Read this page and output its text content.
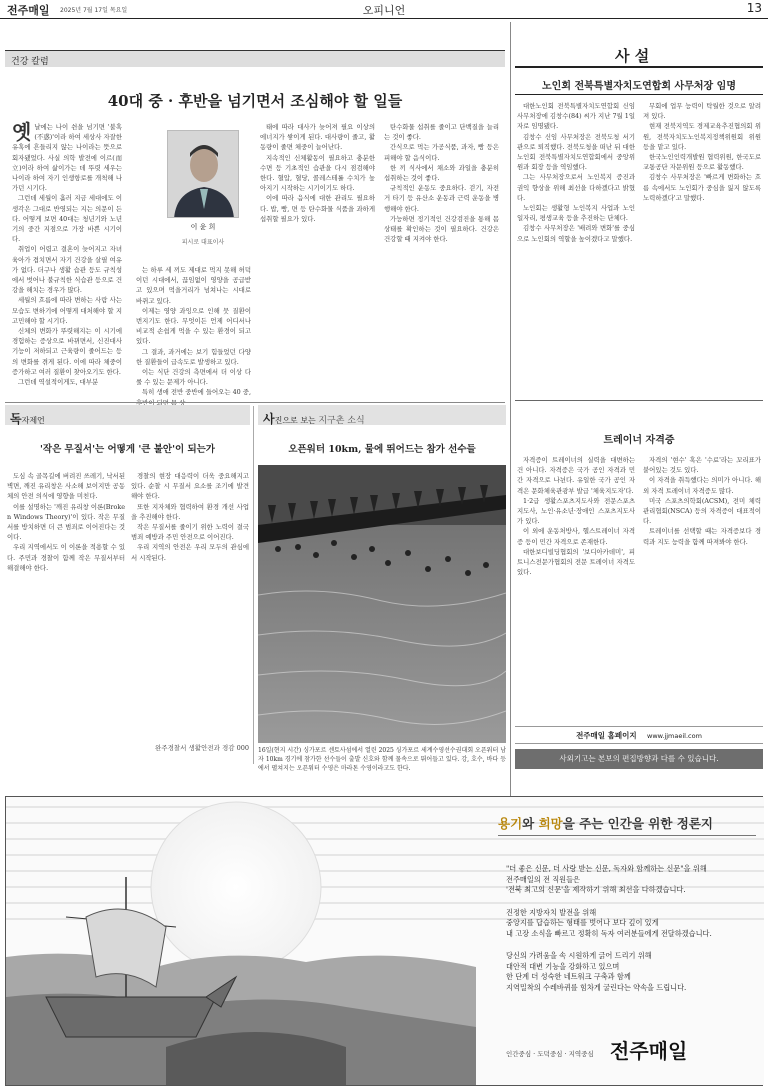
전주매일 2025년 7월 17일 목요일	오피니언	13
건강 칼럼
40대 중 · 후반을 넘기면서 조심해야 할 일들
옛날에는 나이 쉰을 넘기면 '불혹(不惑)'이라 하여 세상사 자잘한 유혹에 흔들리지 않는 나이라는 뜻으로 회자됐었다. 사실 의학 발전에 이르(而立)이라 하여 삶이가는 데 뚜렷 세우는 나이라 하여 자기 인생항로를 개척해 나가던 시기다.

그런데 세월이 흘러 지금 세대에도 이 생각은 그대로 반영되는 지는 의문이 든다. 어떻게 보면 40대는 청년기와 노년기의 중간 지점으로 가장 바쁜 시기이다.

취업이 어렵고 결혼이 늦어지고 자녀 육아가 겹치면서 자기 건강을 살필 여유가 없다. 더구나 생활 습관 등도 규칙성에서 벗어나 불규칙한 식습관 등으로 건강을 해치는 경우가 많다.

세월의 흐름에 따라 변하는 사람 사는 모습도 변하기에 어떻게 대처해야 할 지 고민해야 할 시기다.

신체의 변화가 뚜렷해지는 이 시기에 경험하는 증상으로 바뀌면서, 신진대사 기능이 저하되고 근육량이 줄어드는 등의 변화를 겪게 된다. 이에 따라 체중이 증가하고 여러 질환이 찾아오기도 한다.

그런데 역설적이게도, 대부분

이 윤 희
피시로 대표이사

는 하루 세 끼도 제대로 먹지 못해 허덕이던 시대에서, 끊임없이 영양을 공급받고 있으며 먹을거리가 넘쳐나는 시대로 바뀌고 있다.

이제는 영양 과잉으로 인해 뭇 질환이 번지기도 한다. 무엇이든 언제 어디서나 비교적 손쉽게 먹을 수 있는 환경이 되고 있다.

그 결과, 과거에는 보기 힘들었던 다양한 질환들이 급속도로 발생하고 있다.

이는 식단 건강의 측면에서 더 이상 다룰 수 있는 문제가 아니다.

특히 생애 전반 중반에 들어오는 40 중,

태에 따라 대사가 늦어져 필요 이상의 에너지가 쌓이게 된다. 대사량이 줄고, 활동량이 줄면 체중이 늘어난다.

지속적인 신체활동이 필요하고 충분한 수면 등 기초적인 습관을 다시 점검해야 한다. 혈압, 혈당, 콜레스테롤 수치가 높아지기 시작하는 시기이기도 하다.

이에 따라 음식에 대한 관리도 필요하다. 밥, 빵, 면 등 탄수화물 식품을 과하게 섭취할 필요가 있다.

탄수화물 섭취를 줄이고 단백질을 늘리는 것이 좋다.

간식으로 먹는 가공식품, 과자, 빵 등은 피해야 할 음식이다.

한 끼 식사에서 채소와 과일을 충분히 섭취하는 것이 좋다.

규칙적인 운동도 중요하다. 걷기, 자전거 타기 등 유산소 운동과 근력 운동을 병행해야 한다.

가능하면 정기적인 건강검진을 통해 몸 상태를 확인하는 것이 필요하다. 건강은 건강할 때 지켜야 한다.

사 설
노인회 전북특별자치도연합회 사무처장 임명

대한노인회 전북특별자치도연합회 신임 사무처장에 김창수(84) 씨가 지난 7월 1일자로 임명됐다.

김창수 신임 사무처장은 전북도청 서기관으로 퇴직했다. 전북도청을 떠난 뒤 대한노인회 전북특별자치도연합회에서 중앙위원과 회장 등을 역임했다.

그는 사무처장으로서 노인복지 증진과 권익 향상을 위해 최선을 다하겠다고 밝혔다.

노인회는 생활형 노인복지 사업과 노인 일자리, 평생교육 등을 추진하는 단체다.

김창수 사무처장은 '배려와 변화'를 중심으로 노인회의 역할을 높이겠다고 말했다.

무회에 업무 능력이 탁월한 것으로 알려져 있다.

현재 전북지역도 경제교육추진협의회 위원, 전북자치도노인복지정책위원회 위원 등을 맡고 있다.

한국노인인력개발원 협력위원, 한국도로교통공단 자문위원 등으로 활동했다.

김창수 사무처장은 '빠르게 변화하는 흐름 속에서도 노인회가 중심을 잃지 않도록 노력하겠다'고 말했다.

트레이너 자격증

자격증이 트레이너의 실력을 대변하는 건 아니다. 자격증은 국가 공인 자격과 민간 자격으로 나뉜다. 유일한 국가 공인 자격은 문화체육관광부 발급 '체육지도자'다.

1·2급 생활스포츠지도사와 전문스포츠지도사, 노인·유소년·장애인 스포츠지도사가 있다.

이 외에 운동처방사, 헬스트레이너 자격증 등이 민간 자격으로 존재한다.

대한보디빌딩협회의 '보디아카데미', 피트니스전문가협회의 전문 트레이너 자격도 있다.

자격의 '현수' 혹은 '수료'라는 꼬리표가 붙어있는 것도 있다.

이 자격을 취득했다는 의미가 아니다. 해외 자격 트레이너 자격증도 많다.

미국 스포츠의학회(ACSM), 전미 체력관리협회(NSCA) 등의 자격증이 대표적이다.

트레이너를 선택할 때는 자격증보다 경력과 지도 능력을 함께 따져봐야 한다.

전주매일 홈페이지 www.jjmaeil.com
사외기고는 본보의 편집방향과 다를 수 있습니다.
독자제언
'작은 무질서'는 어떻게 '큰 불안'이 되는가

도심 속 골목길에 버려진 쓰레기, 낙서된 벽면, 깨진 유리창은 사소해 보이지만 공동체의 안전 의식에 영향을 미친다.

이를 설명하는 '깨진 유리창 이론(Broken Windows Theory)'이 있다. 작은 무질서를 방치하면 더 큰 범죄로 이어진다는 것이다.

우리 지역에서도 이 이론을 적용할 수 있다. 주민과 경찰이 함께 작은 무질서부터 해결해야 한다.

경찰의 현장 대응력이 더욱 중요해지고 있다. 순찰 시 무질서 요소를 조기에 발견해야 한다.

또한 지자체와 협력하여 환경 개선 사업을 추진해야 한다.

작은 무질서를 줄이기 위한 노력이 결국 범죄 예방과 주민 안전으로 이어진다.

우리 지역의 안전은 우리 모두의 관심에서 시작된다.

완주경찰서 생활안전과 경감 000
사진으로 보는 지구촌 소식
오픈워터 10km, 물에 뛰어드는 참가 선수들
16일(현지 시간) 싱가포르 센토사섬에서 열린 2025 싱가포르 세계수영선수권대회 오픈워터 남자 10km 경기에 참가한 선수들이 출발 신호와 함께 물속으로 뛰어들고 있다. 강, 호수, 바다 등에서 펼쳐지는 오픈워터 수영은 마라톤 수영이라고도 한다.
용기와 희망을 주는 인간을 위한 정론지
"더 좋은 신문, 더 사랑 받는 신문, 독자와 함께하는 신문"을 위해
전주매일의 전 직원들은
'전북 최고의 신문'을 제작하기 위해 최선을 다하겠습니다.
진정한 지방자치 발전을 위해
중앙지를 답습하는 형태를 벗어나 보다 깊이 있게
내 고장 소식을 빠르고 정확히 독자 여러분들에게 전달하겠습니다.
당신의 가려움을 속 시원하게 긁어 드리기 위해
대안적 대변 기능을 강화하고 있으며
한 단계 더 성숙한 네트워크 구축과 함께
지역밀착의 수레바퀴를 힘차게 굴린다는 약속을 드립니다.
인간중심 · 도덕중심 · 지역중심 전주매일
